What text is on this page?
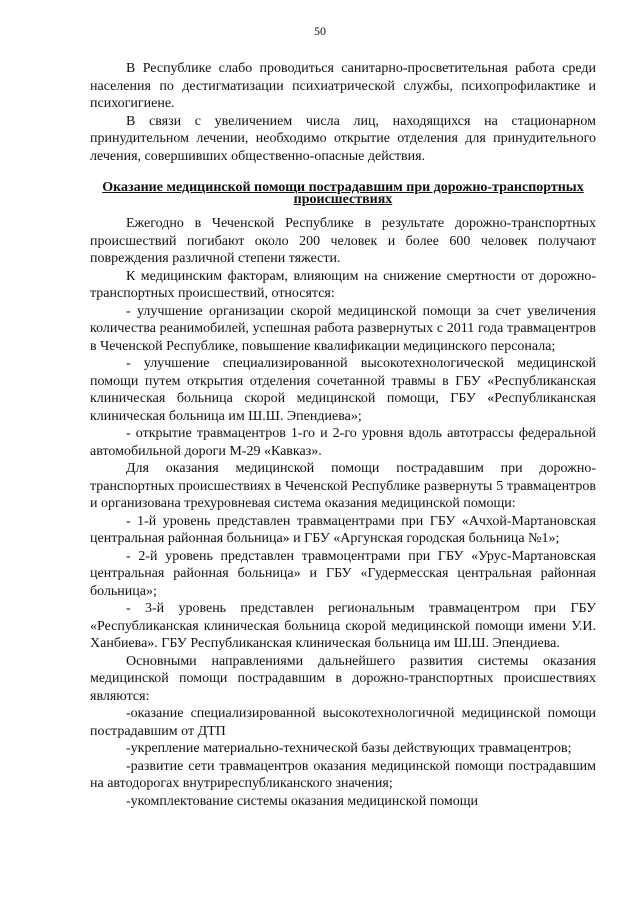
50

В Республике слабо проводиться санитарно-просветительная работа среди населения по дестигматизации психиатрической службы, психопрофилактике и психогигиене.

В связи с увеличением числа лиц, находящихся на стационарном принудительном лечении, необходимо открытие отделения для принудительного лечения, совершивших общественно-опасные действия.

Оказание медицинской помощи пострадавшим при дорожно-транспортных происшествиях

Ежегодно в Чеченской Республике в результате дорожно-транспортных происшествий погибают около 200 человек и более 600 человек получают повреждения различной степени тяжести.

К медицинским факторам, влияющим на снижение смертности от дорожно-транспортных происшествий, относятся:

- улучшение организации скорой медицинской помощи за счет увеличения количества реанимобилей, успешная работа развернутых с 2011 года травмацентров в Чеченской Республике, повышение квалификации медицинского персонала;

- улучшение специализированной высокотехнологической медицинской помощи путем открытия отделения сочетанной травмы в ГБУ «Республиканская клиническая больница скорой медицинской помощи, ГБУ «Республиканская клиническая больница им Ш.Ш. Эпендиева»;

- открытие травмацентров 1-го и 2-го уровня вдоль автотрассы федеральной автомобильной дороги М-29 «Кавказ».

Для оказания медицинской помощи пострадавшим при дорожно-транспортных происшествиях в Чеченской Республике развернуты 5 травмацентров и организована трехуровневая система оказания медицинской помощи:

- 1-й уровень представлен травмацентрами при ГБУ «Ачхой-Мартановская центральная районная больница» и ГБУ «Аргунская городская больница №1»;

- 2-й уровень представлен травмоцентрами при ГБУ «Урус-Мартановская центральная районная больница» и ГБУ «Гудермесская центральная районная больница»;

- 3-й уровень представлен региональным травмацентром при ГБУ «Республиканская клиническая больница скорой медицинской помощи имени У.И. Ханбиева». ГБУ Республиканская клиническая больница им Ш.Ш. Эпендиева.

Основными направлениями дальнейшего развития системы оказания медицинской помощи пострадавшим в дорожно-транспортных происшествиях являются:

-оказание специализированной высокотехнологичной медицинской помощи пострадавшим от ДТП

-укрепление материально-технической базы действующих травмацентров;

-развитие сети травмацентров оказания медицинской помощи пострадавшим на автодорогах внутриреспубликанского значения;

-укомплектование системы оказания медицинской помощи
